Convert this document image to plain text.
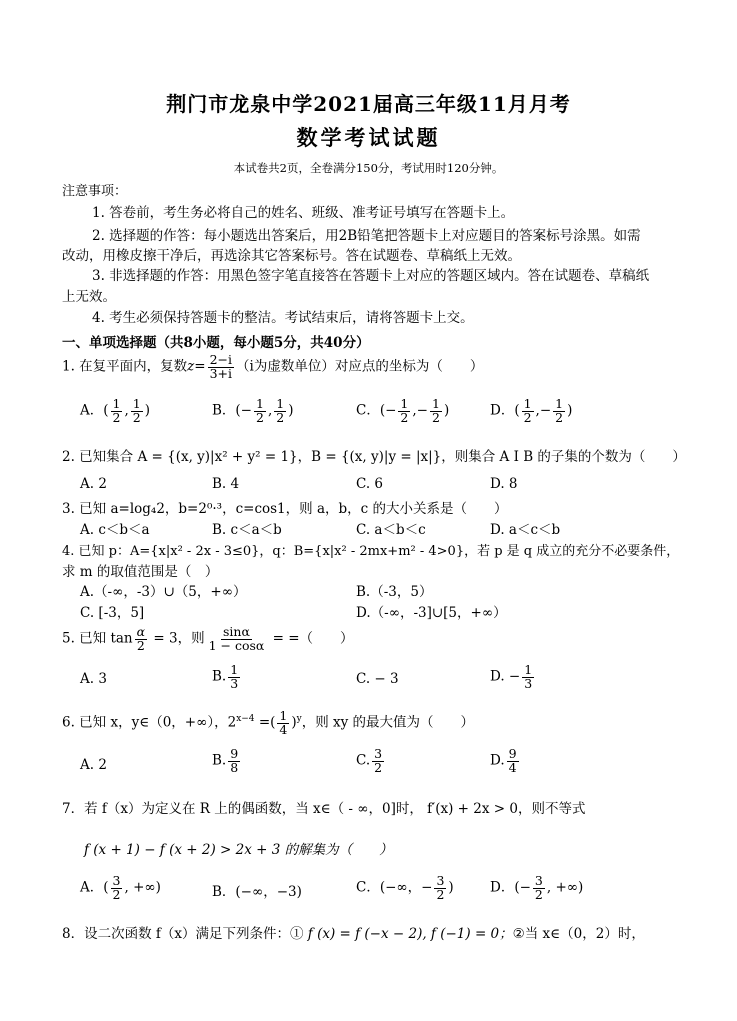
荆门市龙泉中学2021届高三年级11月月考
数学考试试题
本试卷共2页，全卷满分150分，考试用时120分钟。
注意事项：
1. 答卷前，考生务必将自己的姓名、班级、准考证号填写在答题卡上。
2. 选择题的作答：每小题选出答案后，用2B铅笔把答题卡上对应题目的答案标号涂黑。如需
改动，用橡皮擦干净后，再选涂其它答案标号。答在试题卷、草稿纸上无效。
3. 非选择题的作答：用黑色签字笔直接答在答题卡上对应的答题区域内。答在试题卷、草稿纸
上无效。
4. 考生必须保持答题卡的整洁。考试结束后，请将答题卡上交。
一、单项选择题（共8小题，每小题5分，共40分）
1. 在复平面内，复数$z= \frac{2-i}{3+i} (i$为虚数单位）对应点的坐标为（　　）
A．( $\frac{1}{2}$ , $\frac{1}{2}$ )	B．(− $\frac{1}{2}$ , $\frac{1}{2}$ )	C．(− $\frac{1}{2}$ ,− $\frac{1}{2}$ )	D．( $\frac{1}{2}$ ,− $\frac{1}{2}$ )
2. 已知集合 A = {(x, y)|x² + y² = 1}，B = {(x, y)|y = |x|}，则集合 A I B 的子集的个数为（　　）
A. 2	B. 4	C. 6	D. 8
3. 已知 a=log₄2，b=2⁰·³，c=cos1，则 a，b，c 的大小关系是（　　）
A. c＜b＜a	B. c＜a＜b	C. a＜b＜c	D. a＜c＜b
4. 已知 p：A={x|x² - 2x - 3≤0}，q：B={x|x² - 2mx+m² - 4>0}，若 p 是 q 成立的充分不必要条件，
求 m 的取值范围是（　）
A.（-∞，-3）∪（5，+∞）	B.（-3，5）
C. [-3，5]	D.（-∞，-3]∪[5，+∞）
5. 已知 $\tan \frac{\alpha}{2} = 3$，则 $\frac{\sin\alpha}{1 - \cos\alpha}$ = =（　　）
A. 3	B. $\frac{1}{3}$	C. − 3	D. − $\frac{1}{3}$
6. 已知 x，y∈（0，+∞），$2^{x-4}$ =( $\frac{1}{4} )^y$，则 xy 的最大值为（　　）
A. 2	B. $\frac{9}{8}$	C. $\frac{3}{2}$	D. $\frac{9}{4}$
7．若 f（x）为定义在 R 上的偶函数，当 x∈（ - ∞，0]时， f′(x) + 2x > 0，则不等式
f (x + 1) − f (x + 2) > 2x + 3 的解集为（　　）
A．( $\frac{3}{2}$ , +∞)	B．(−∞，−3)	C．(−∞，− $\frac{3}{2}$ )	D．(− $\frac{3}{2}$ , +∞)
8．设二次函数 f（x）满足下列条件：① f (x) = f (−x − 2), f (−1) = 0；②当 x∈（0，2）时，
